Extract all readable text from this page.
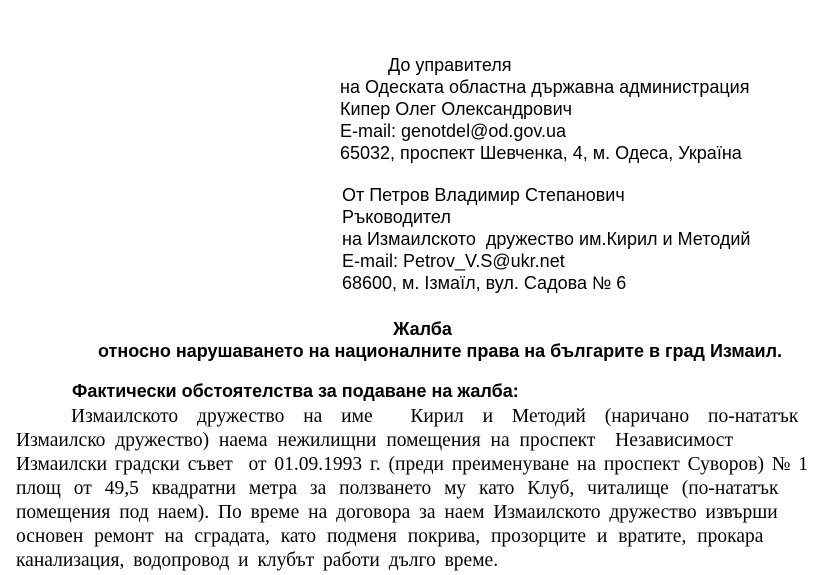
До управителя
на Одеската областна държавна администрация
Кипер Олег Олександрович
E-mail: genotdel@od.gov.ua
65032, проспект Шевченка, 4, м. Одеса, Україна
От Петров Владимир Степанович
Ръководител
на Измаилското  дружество им.Кирил и Методий
E-mail: Petrov_V.S@ukr.net
68600, м. Ізмаїл, вул. Садова № 6
Жалба
относно нарушаването на националните права на българите в град Измаил.
Фактически обстоятелства за подаване на жалба:
Измаилското дружество на име  Кирил и Методий (наричано по-нататък
Измаилско дружество) наема нежилищни помещения на проспект  Независимост
Измаилски градски съвет  от 01.09.1993 г. (преди преименуване на проспект Суворов) № 1
площ от 49,5 квадратни метра за ползването му като Клуб, читалище (по-нататък
помещения под наем). По време на договора за наем Измаилското дружество извърши
основен ремонт на сградата, като подменя покрива, прозорците и вратите, прокара
канализация, водопровод и клубът работи дълго време.
